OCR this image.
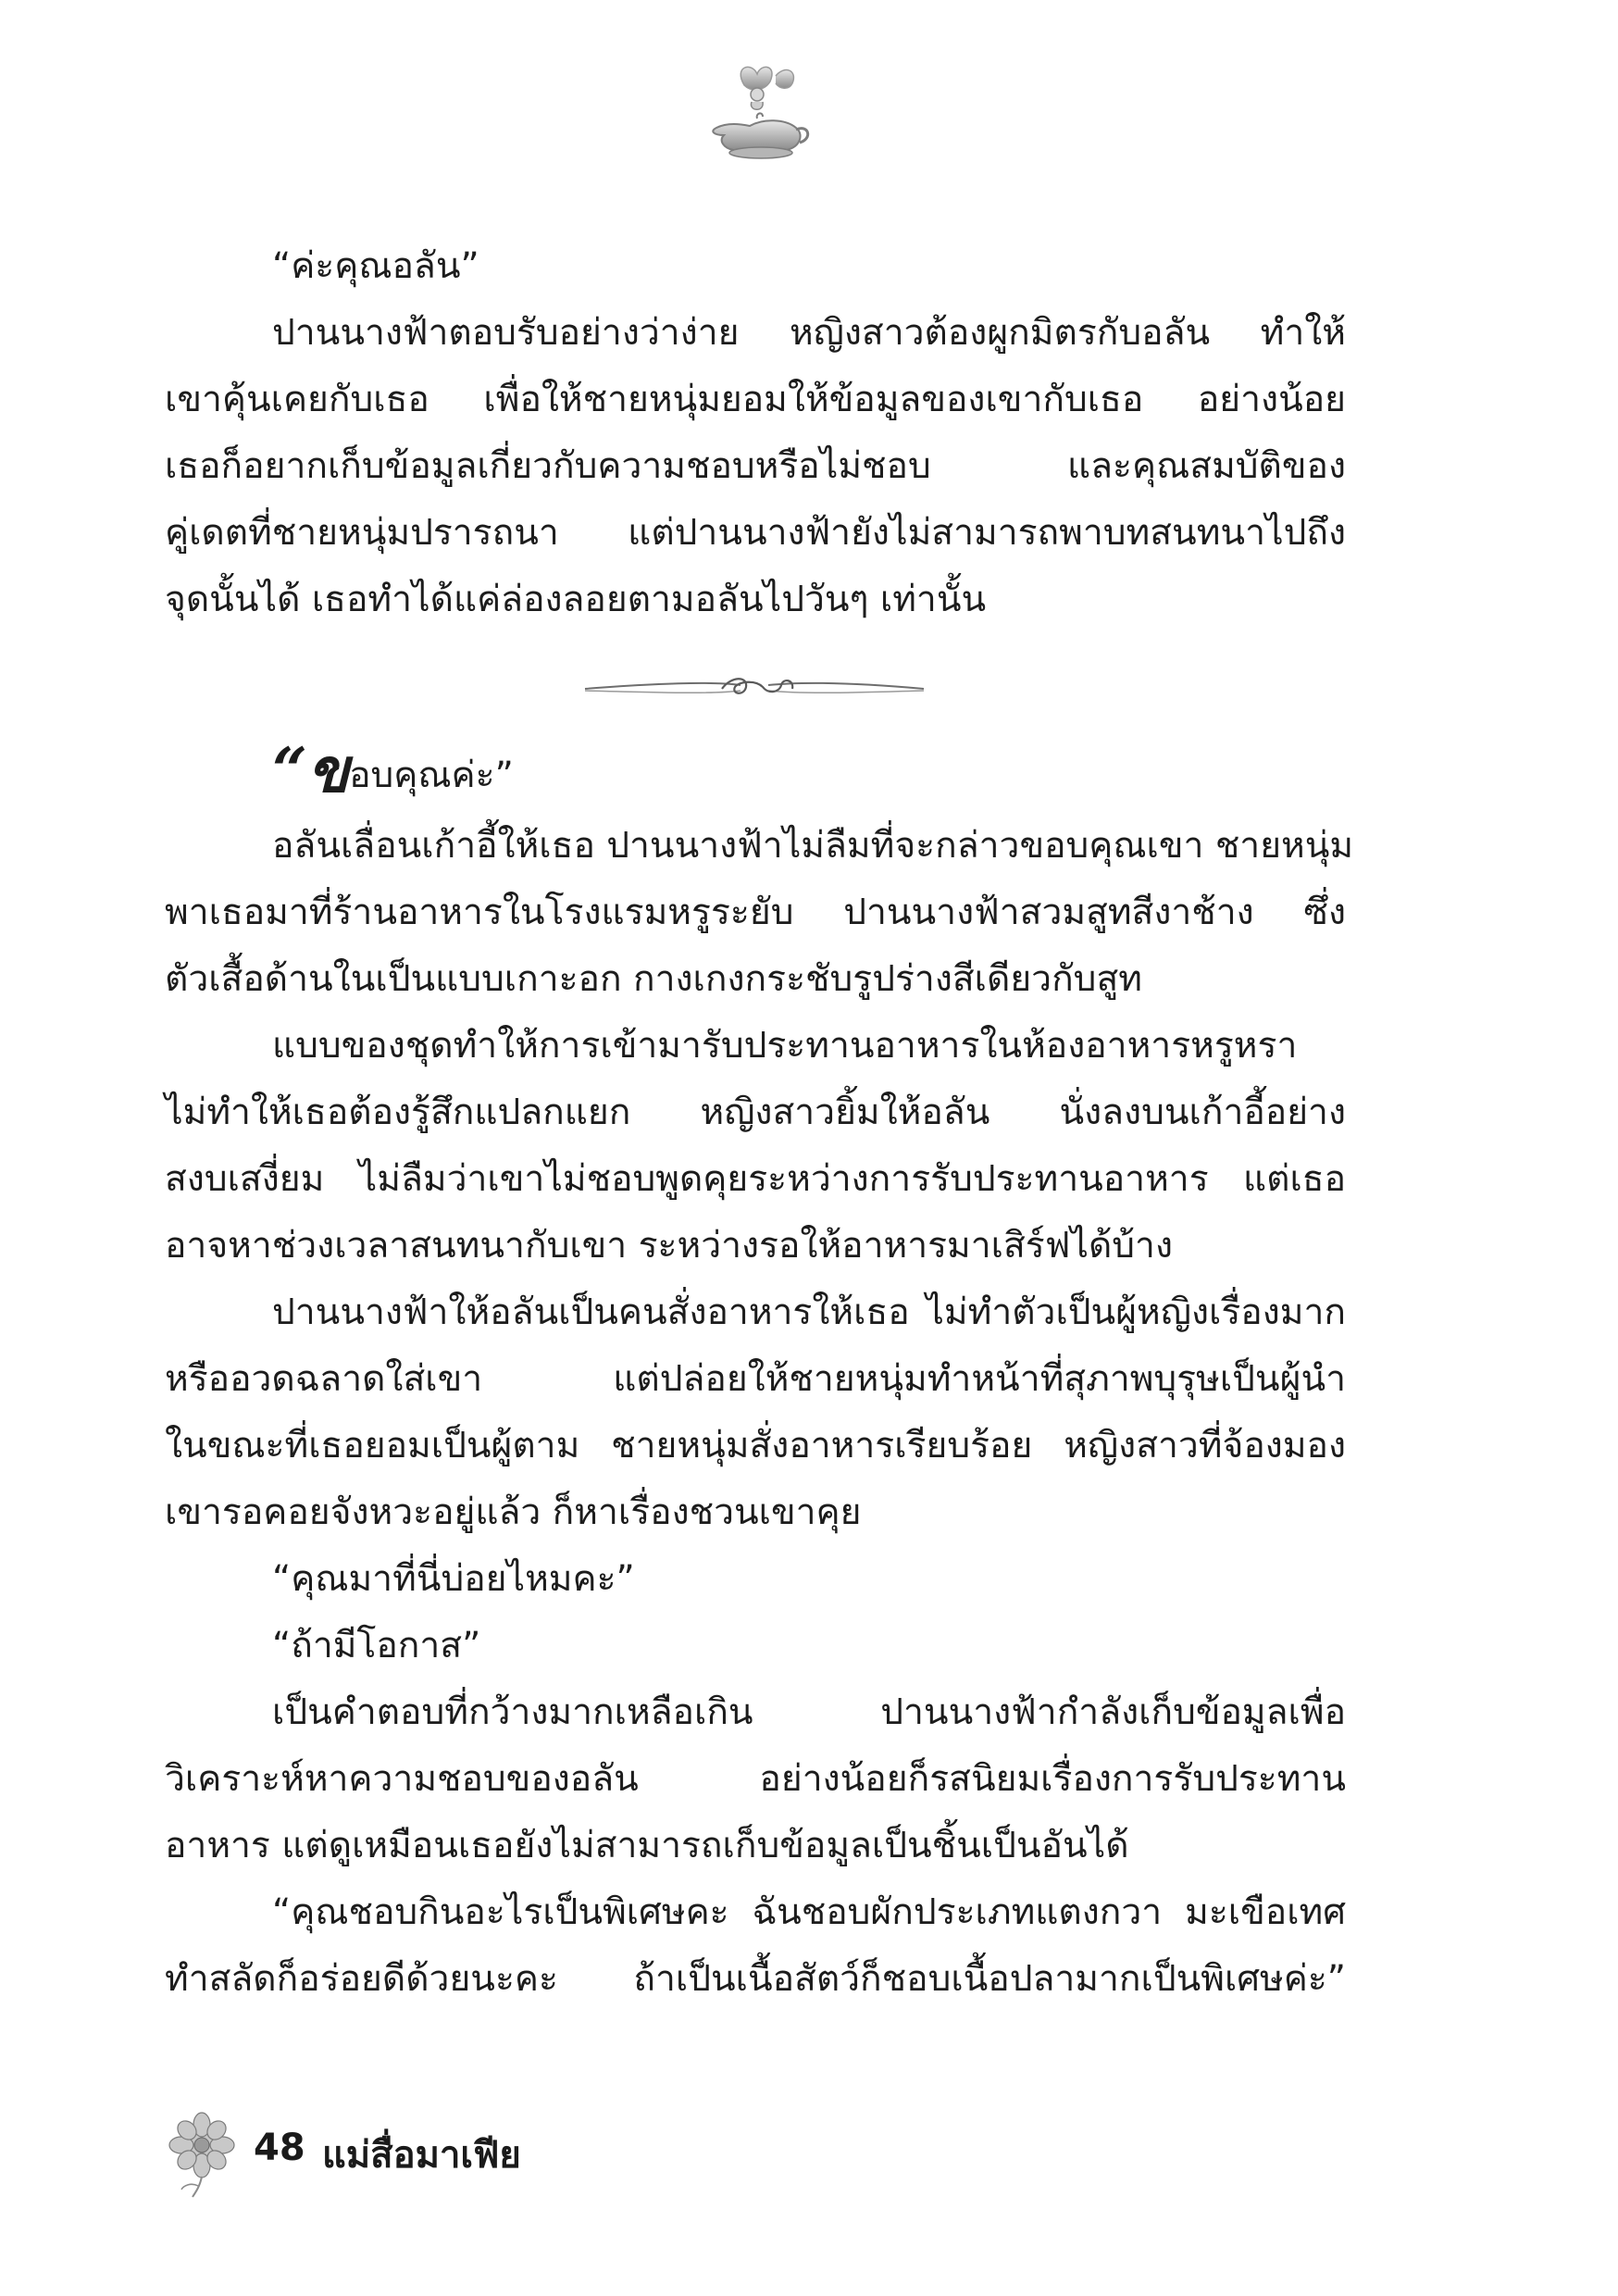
“ค่ะคุณอลัน”
ปานนางฟ้าตอบรับอย่างว่าง่าย หญิงสาวต้องผูกมิตรกับอลัน ทำให้
เขาคุ้นเคยกับเธอ เพื่อให้ชายหนุ่มยอมให้ข้อมูลของเขากับเธอ อย่างน้อย
เธอก็อยากเก็บข้อมูลเกี่ยวกับความชอบหรือไม่ชอบ และคุณสมบัติของ
คู่เดตที่ชายหนุ่มปรารถนา แต่ปานนางฟ้ายังไม่สามารถพาบทสนทนาไปถึง
จุดนั้นได้ เธอทำได้แค่ล่องลอยตามอลันไปวันๆ เท่านั้น
“ขอบคุณค่ะ”
อลันเลื่อนเก้าอี้ให้เธอ ปานนางฟ้าไม่ลืมที่จะกล่าวขอบคุณเขา ชายหนุ่ม
พาเธอมาที่ร้านอาหารในโรงแรมหรูระยับ ปานนางฟ้าสวมสูทสีงาช้าง ซึ่ง
ตัวเสื้อด้านในเป็นแบบเกาะอก กางเกงกระชับรูปร่างสีเดียวกับสูท
แบบของชุดทำให้การเข้ามารับประทานอาหารในห้องอาหารหรูหรา
ไม่ทำให้เธอต้องรู้สึกแปลกแยก หญิงสาวยิ้มให้อลัน นั่งลงบนเก้าอี้อย่าง
สงบเสงี่ยม ไม่ลืมว่าเขาไม่ชอบพูดคุยระหว่างการรับประทานอาหาร แต่เธอ
อาจหาช่วงเวลาสนทนากับเขา ระหว่างรอให้อาหารมาเสิร์ฟได้บ้าง
ปานนางฟ้าให้อลันเป็นคนสั่งอาหารให้เธอ ไม่ทำตัวเป็นผู้หญิงเรื่องมาก
หรืออวดฉลาดใส่เขา แต่ปล่อยให้ชายหนุ่มทำหน้าที่สุภาพบุรุษเป็นผู้นำ
ในขณะที่เธอยอมเป็นผู้ตาม ชายหนุ่มสั่งอาหารเรียบร้อย หญิงสาวที่จ้องมอง
เขารอคอยจังหวะอยู่แล้ว ก็หาเรื่องชวนเขาคุย
“คุณมาที่นี่บ่อยไหมคะ”
“ถ้ามีโอกาส”
เป็นคำตอบที่กว้างมากเหลือเกิน ปานนางฟ้ากำลังเก็บข้อมูลเพื่อ
วิเคราะห์หาความชอบของอลัน อย่างน้อยก็รสนิยมเรื่องการรับประทาน
อาหาร แต่ดูเหมือนเธอยังไม่สามารถเก็บข้อมูลเป็นชิ้นเป็นอันได้
“คุณชอบกินอะไรเป็นพิเศษคะ ฉันชอบผักประเภทแตงกวา มะเขือเทศ
ทำสลัดก็อร่อยดีด้วยนะคะ ถ้าเป็นเนื้อสัตว์ก็ชอบเนื้อปลามากเป็นพิเศษค่ะ”
48 แม่สื่อมาเฟีย
